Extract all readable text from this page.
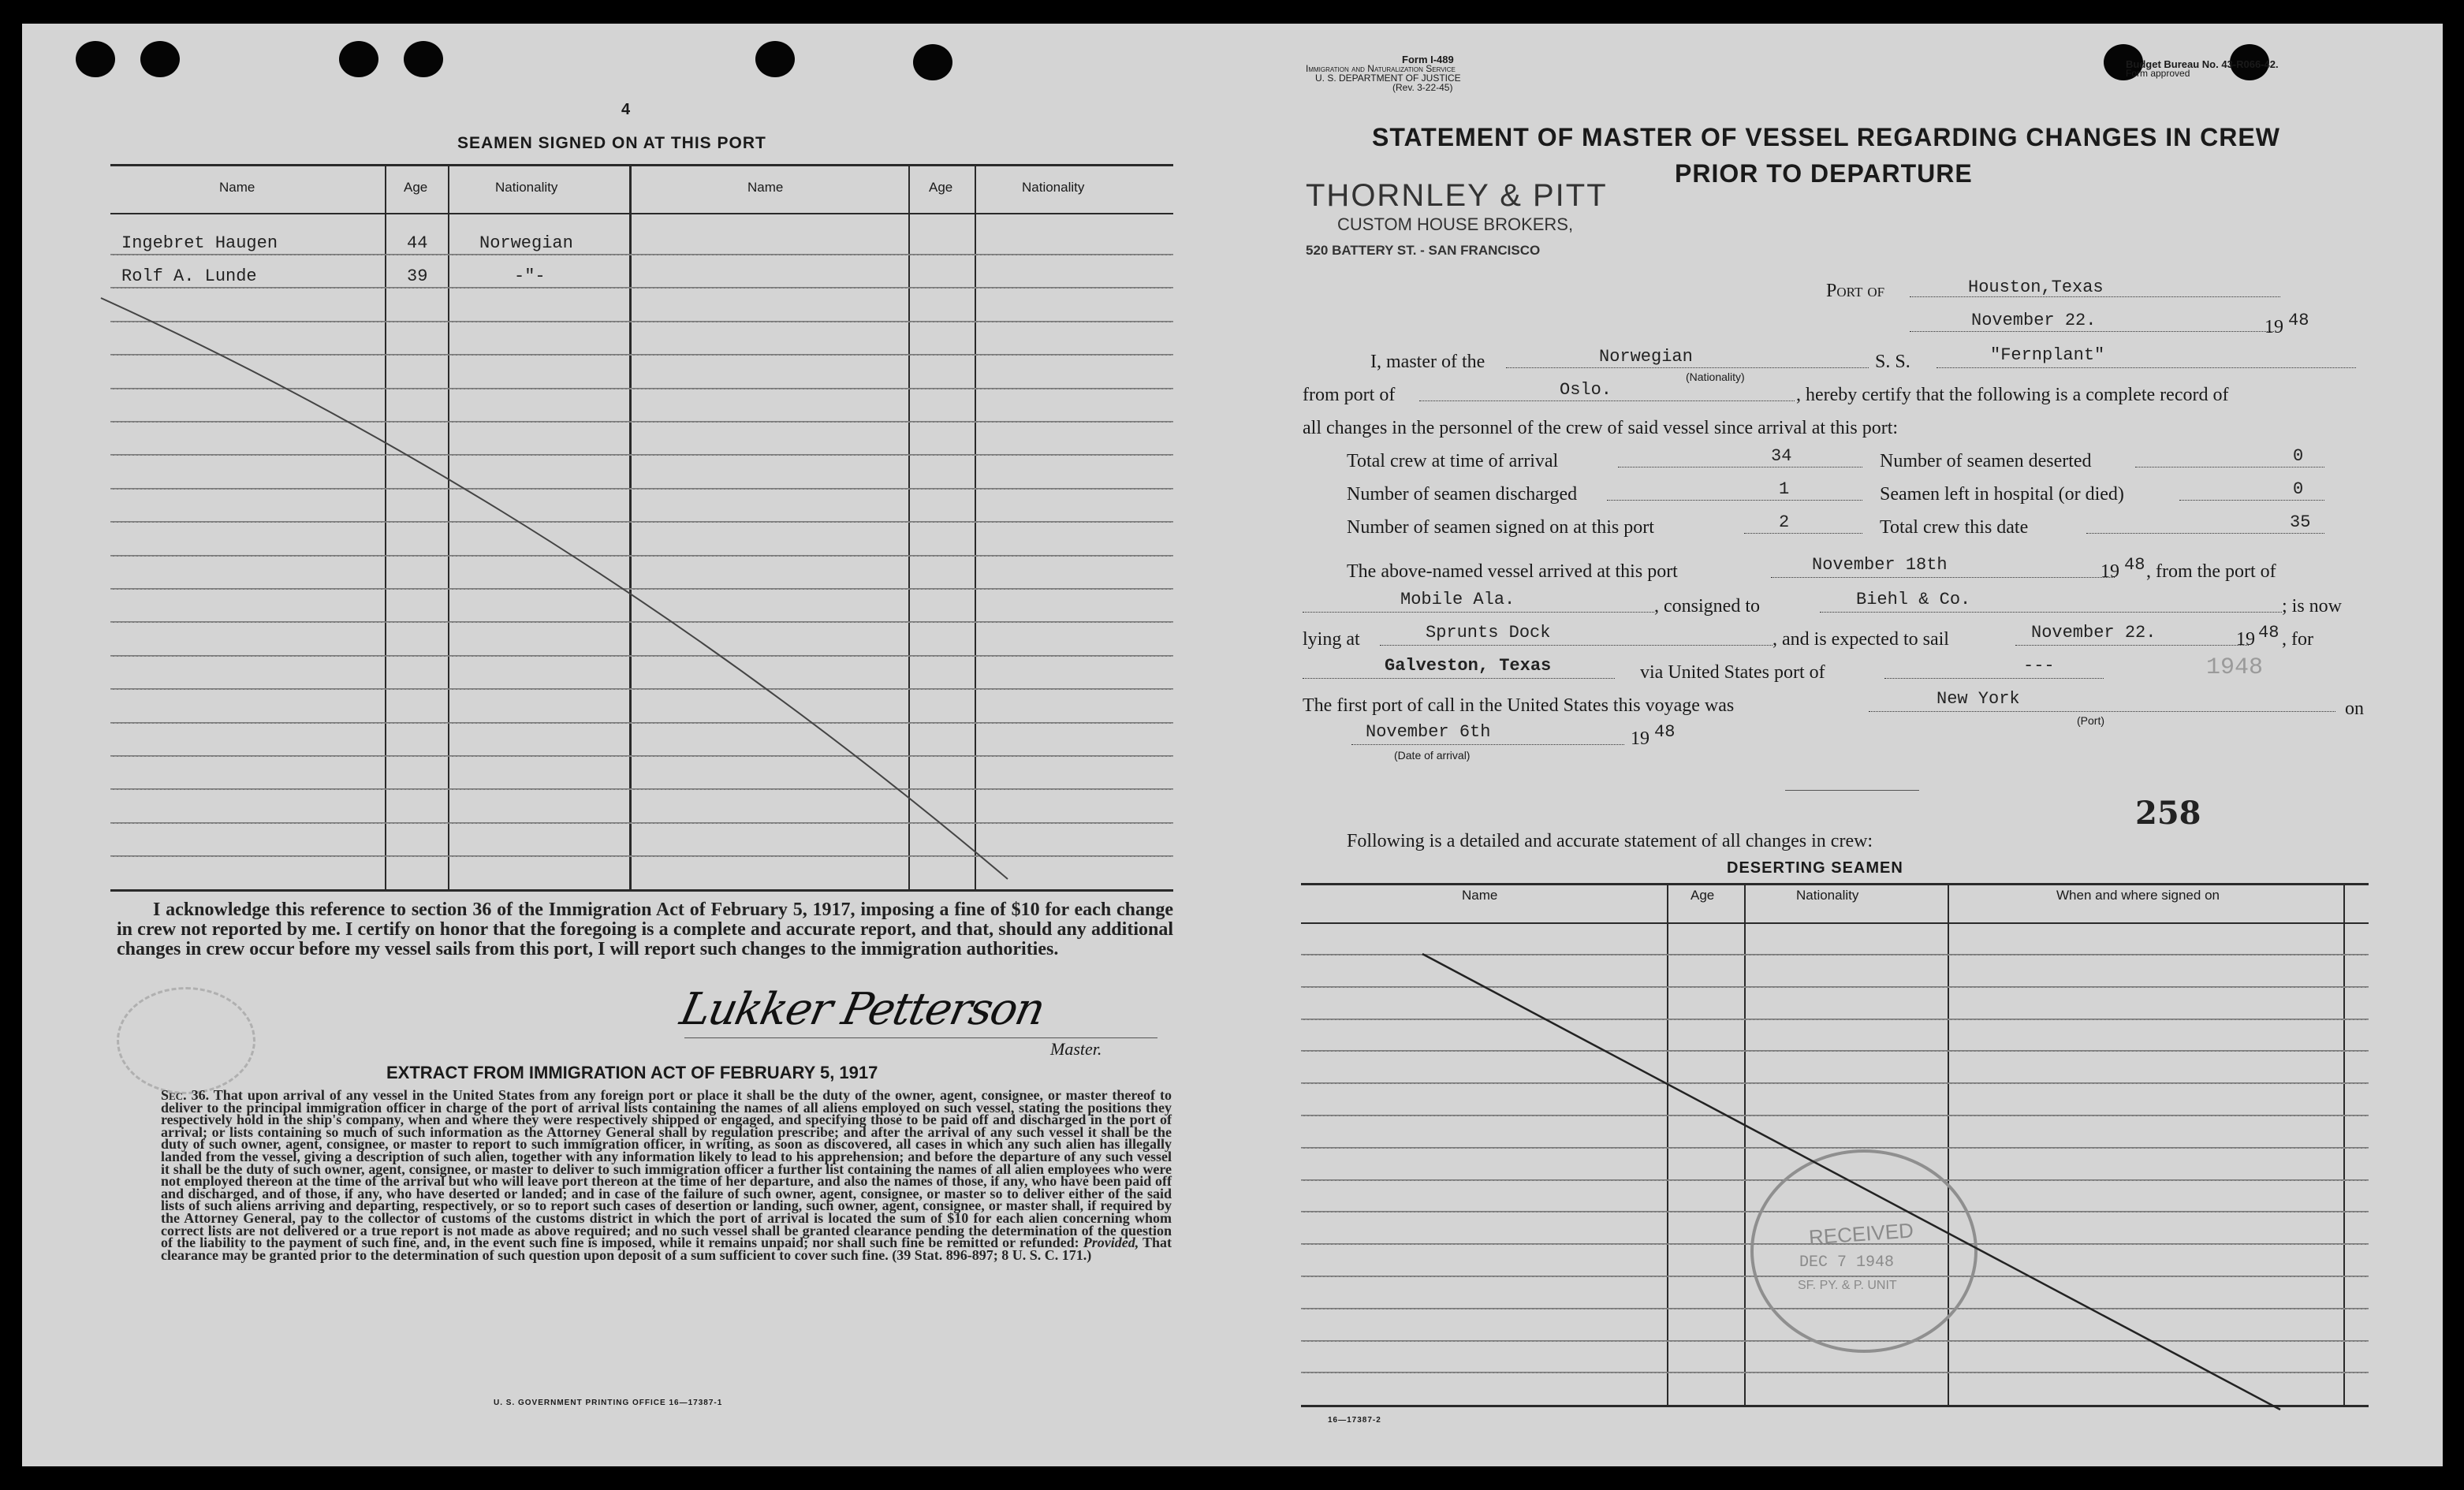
4
SEAMEN SIGNED ON AT THIS PORT
Name	Age	Nationality	Name	Age	Nationality
Ingebret Haugen	44	Norwegian
Rolf A. Lunde	39	-"-
I acknowledge this reference to section 36 of the Immigration Act of February 5, 1917, imposing a fine of $10 for each change in crew not reported by me. I certify on honor that the foregoing is a complete and accurate report, and that, should any additional changes in crew occur before my vessel sails from this port, I will report such changes to the immigration authorities.
Lukker Petterson
Master.
EXTRACT FROM IMMIGRATION ACT OF FEBRUARY 5, 1917
Sec. 36. That upon arrival of any vessel in the United States from any foreign port or place it shall be the duty of the owner, agent, consignee, or master thereof to deliver to the principal immigration officer in charge of the port of arrival lists containing the names of all aliens employed on such vessel, stating the positions they respectively hold in the ship's company, when and where they were respectively shipped or engaged, and specifying those to be paid off and discharged in the port of arrival; or lists containing so much of such information as the Attorney General shall by regulation prescribe; and after the arrival of any such vessel it shall be the duty of such owner, agent, consignee, or master to report to such immigration officer, in writing, as soon as discovered, all cases in which any such alien has illegally landed from the vessel, giving a description of such alien, together with any information likely to lead to his apprehension; and before the departure of any such vessel it shall be the duty of such owner, agent, consignee, or master to deliver to such immigration officer a further list containing the names of all alien employees who were not employed thereon at the time of the arrival but who will leave port thereon at the time of her departure, and also the names of those, if any, who have been paid off and discharged, and of those, if any, who have deserted or landed; and in case of the failure of such owner, agent, consignee, or master so to deliver either of the said lists of such aliens arriving and departing, respectively, or so to report such cases of desertion or landing, such owner, agent, consignee, or master shall, if required by the Attorney General, pay to the collector of customs of the customs district in which the port of arrival is located the sum of $10 for each alien concerning whom correct lists are not delivered or a true report is not made as above required; and no such vessel shall be granted clearance pending the determination of the question of the liability to the payment of such fine, and, in the event such fine is imposed, while it remains unpaid; nor shall such fine be remitted or refunded: Provided, That clearance may be granted prior to the determination of such question upon deposit of a sum sufficient to cover such fine. (39 Stat. 896-897; 8 U. S. C. 171.)
U. S. GOVERNMENT PRINTING OFFICE 16—17387-1
Form I-489
Immigration and Naturalization Service
U. S. DEPARTMENT OF JUSTICE
(Rev. 3-22-45)
Budget Bureau No. 43-R066-42.
Form approved
STATEMENT OF MASTER OF VESSEL REGARDING CHANGES IN CREW
PRIOR TO DEPARTURE
THORNLEY & PITT
CUSTOM HOUSE BROKERS,
520 BATTERY ST. - SAN FRANCISCO
Port of	Houston,Texas
November 22.	19 48
I, master of the	Norwegian
(Nationality)
S. S.	"Fernplant"
from port of	Oslo.	, hereby certify that the following is a complete record of
all changes in the personnel of the crew of said vessel since arrival at this port:
Total crew at time of arrival	34	Number of seamen deserted	0
Number of seamen discharged	1	Seamen left in hospital (or died)	0
Number of seamen signed on at this port	2	Total crew this date	35
The above-named vessel arrived at this port	November 18th	19 48 , from the port of
Mobile Ala.	, consigned to	Biehl & Co.	; is now
lying at	Sprunts Dock	, and is expected to sail	November 22.	19 48 , for
Galveston, Texas	via United States port of	---	1948
The first port of call in the United States this voyage was	New York
(Port)
on
November 6th	19 48
(Date of arrival)
258
Following is a detailed and accurate statement of all changes in crew:
DESERTING SEAMEN
Name	Age	Nationality	When and where signed on
RECEIVED
DEC 7 1948
SF. PY. & P. UNIT
16—17387-2
